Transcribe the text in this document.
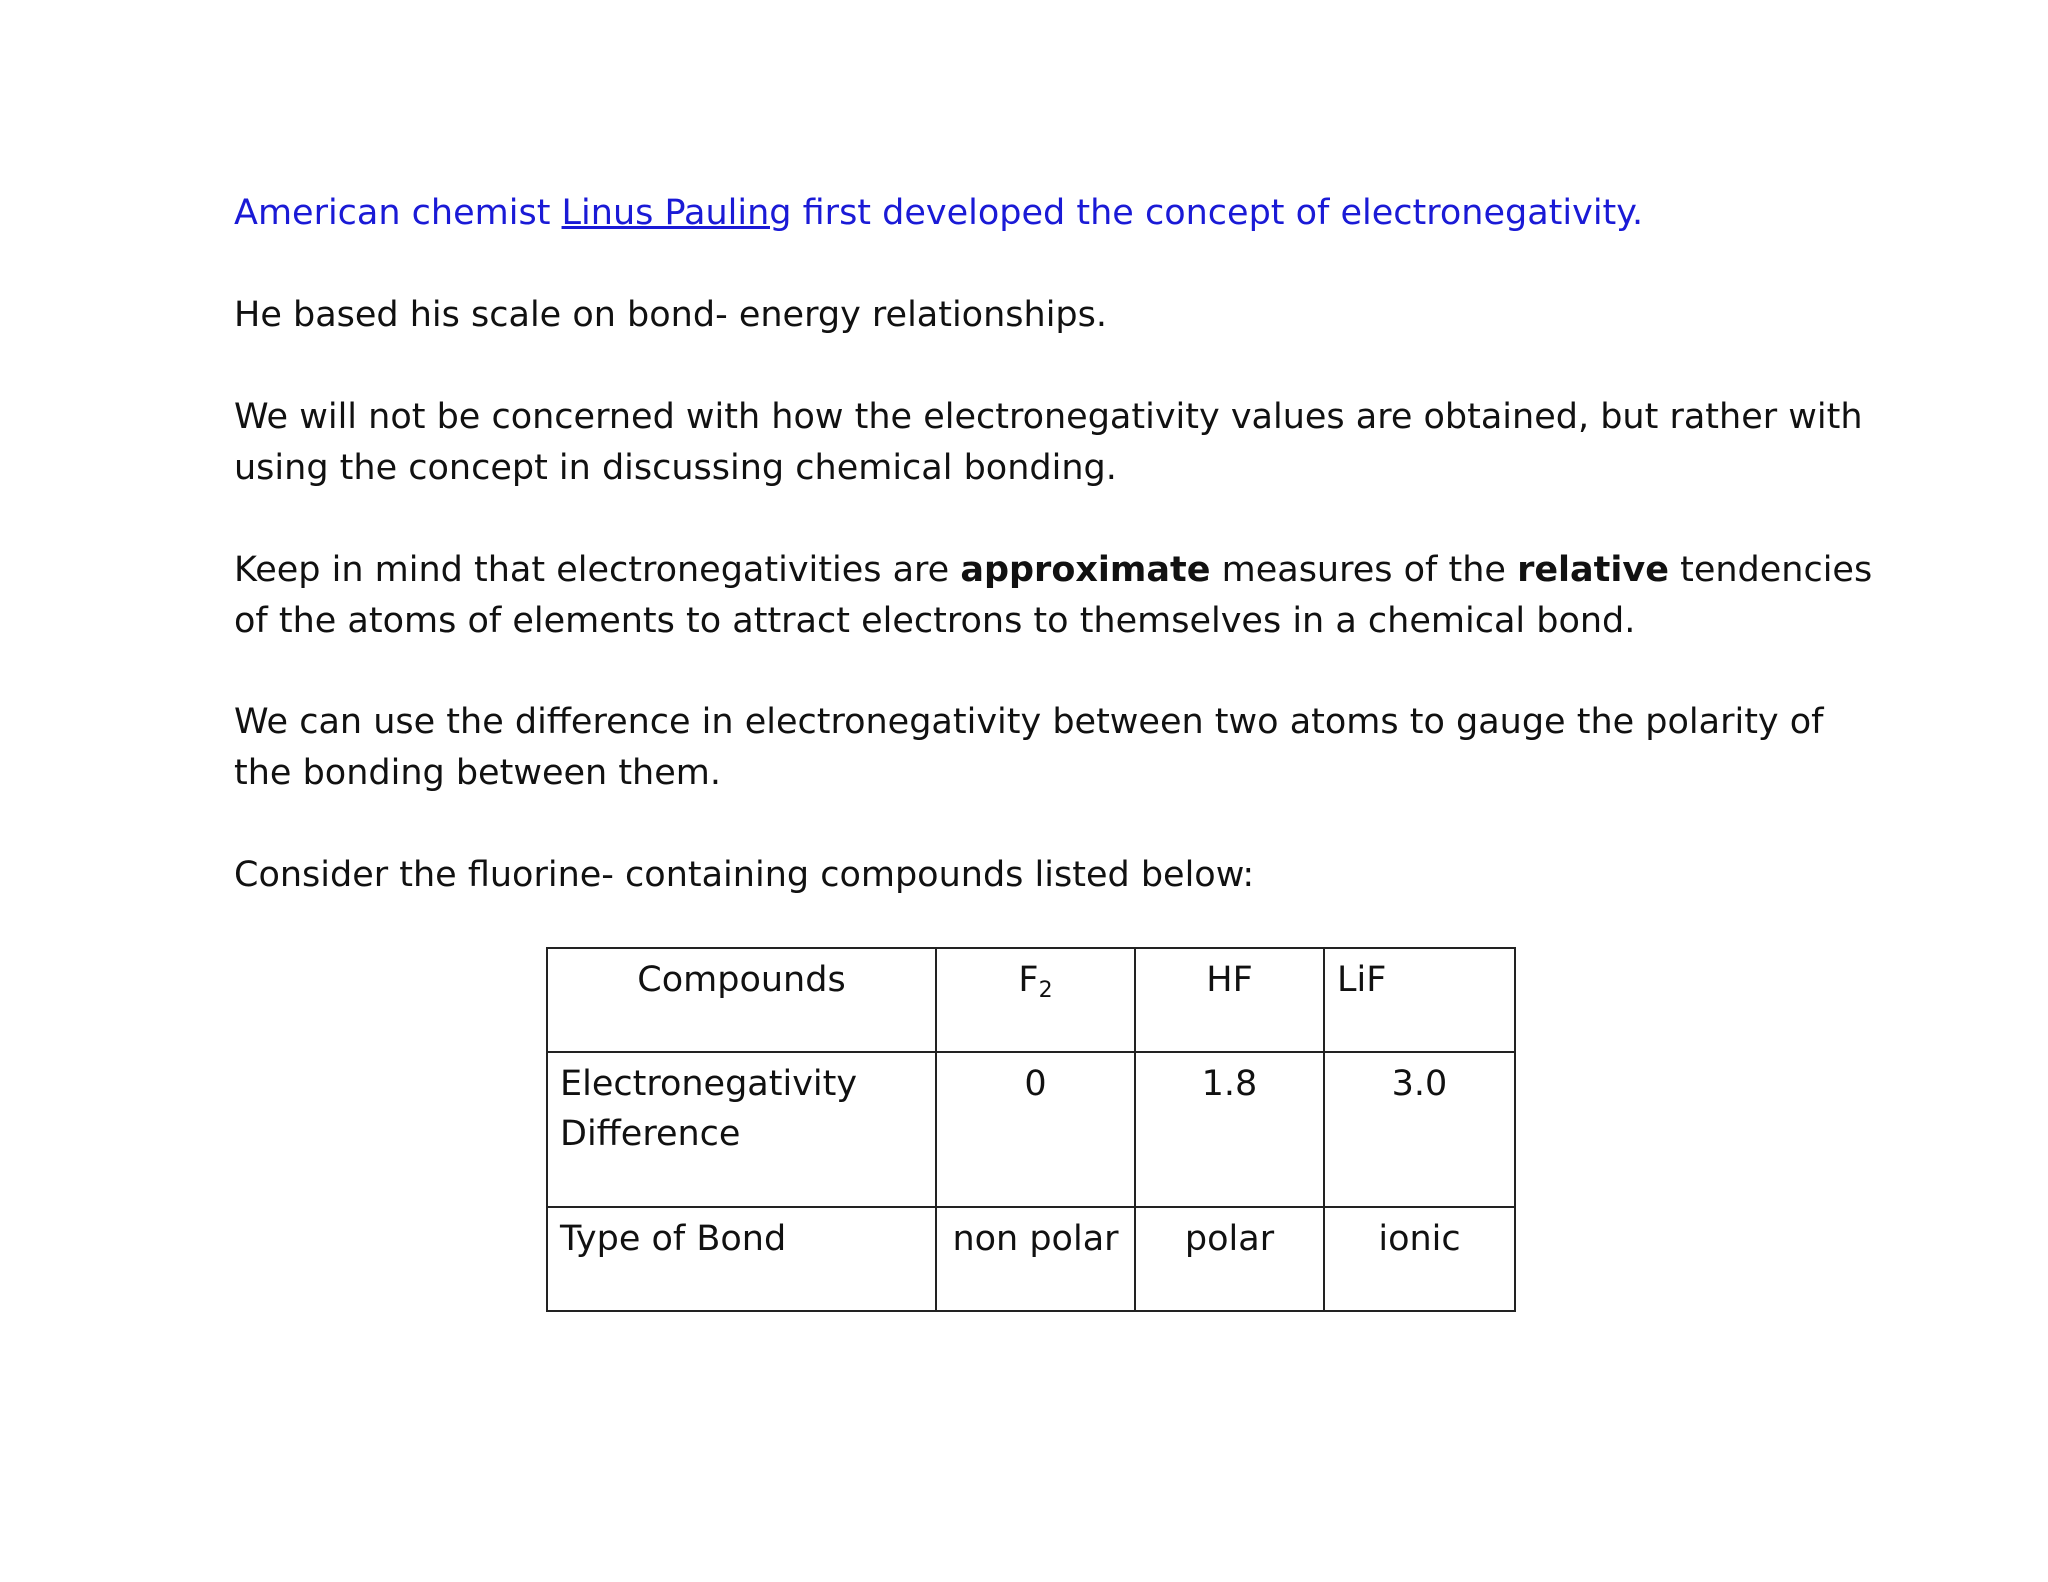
American chemist Linus Pauling first developed the concept of electronegativity.

He based his scale on bond- energy relationships.

We will not be concerned with how the electronegativity values are obtained, but rather with
using the concept in discussing chemical bonding.

Keep in mind that electronegativities are approximate measures of the relative tendencies
of the atoms of elements to attract electrons to themselves in a chemical bond.

We can use the difference in electronegativity between two atoms to gauge the polarity of
the bonding between them.

Consider the fluorine- containing compounds listed below:

Compounds	$F_2$	HF	LiF
Electronegativity
Difference	0	1.8	3.0
Type of Bond	non polar	polar	ionic
